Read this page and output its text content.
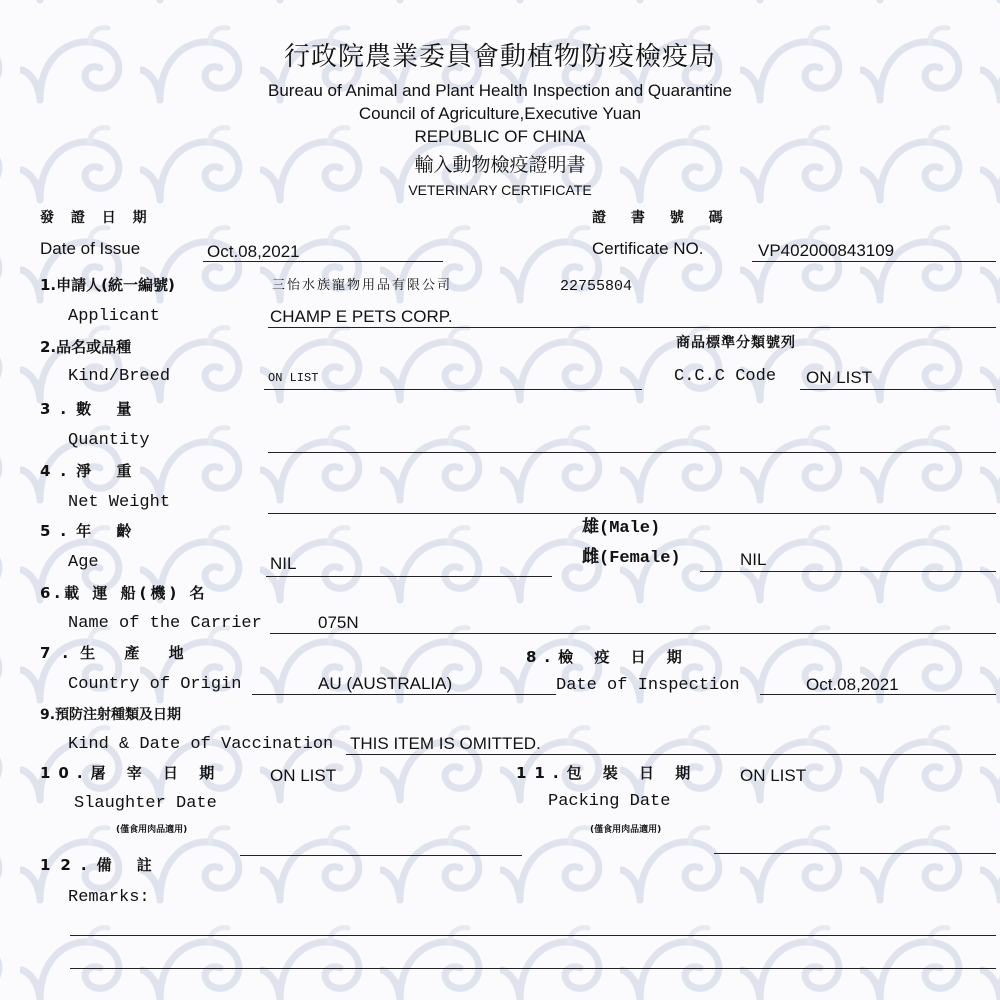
行政院農業委員會動植物防疫檢疫局
Bureau of Animal and Plant Health Inspection and Quarantine
Council of Agriculture,Executive Yuan
REPUBLIC OF CHINA
輸入動物檢疫證明書
VETERINARY CERTIFICATE
發 證 日 期
Date of Issue	Oct.08,2021
證 書 號 碼
Certificate NO.	VP402000843109
1.申請人(統一編號)
Applicant
三怡水族寵物用品有限公司	22755804
CHAMP E PETS CORP.
2.品名或品種
Kind/Breed	ON LIST
商品標準分類號列
C.C.C Code ON LIST
3.數 量
Quantity
4.淨 重
Net Weight
5.年 齡
Age	NIL
雄(Male)
雌(Female)	NIL
6.載 運 船(機) 名
Name of the Carrier	075N
7.生 產 地
Country of Origin	AU (AUSTRALIA)
8.檢 疫 日 期
Date of Inspection	Oct.08,2021
9.預防注射種類及日期
Kind & Date of Vaccination THIS ITEM IS OMITTED.
10.屠 宰 日 期	ON LIST
Slaughter Date
(僅食用肉品適用)
11.包 裝 日 期 ON LIST
Packing Date
(僅食用肉品適用)
12.備 註
Remarks:
